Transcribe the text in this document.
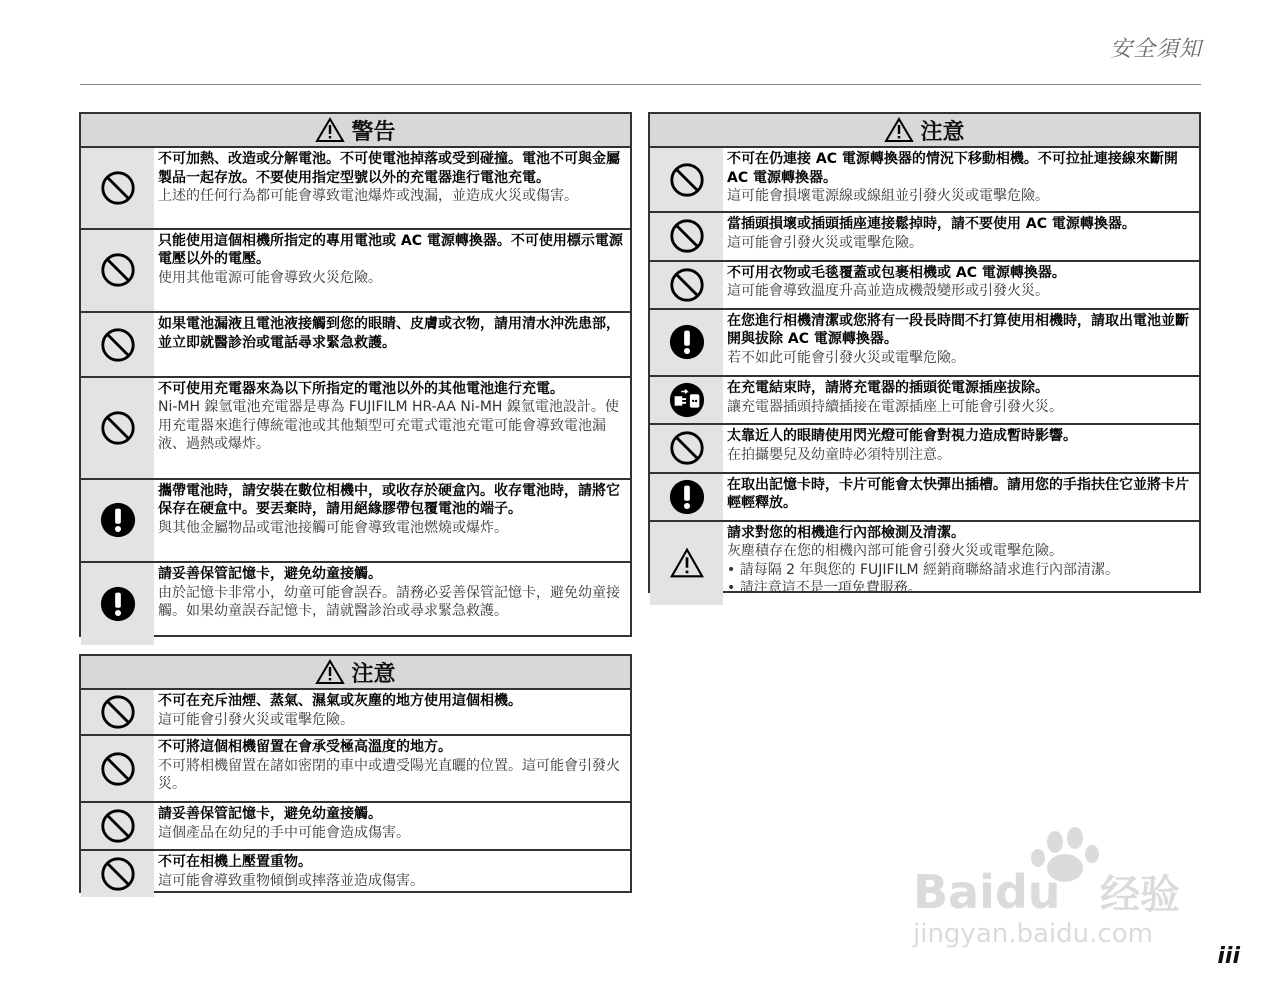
安全須知
警告
不可加熱、改造或分解電池。不可使電池掉落或受到碰撞。電池不可與金屬製品一起存放。不要使用指定型號以外的充電器進行電池充電。
上述的任何行為都可能會導致電池爆炸或洩漏，並造成火災或傷害。
只能使用這個相機所指定的專用電池或 AC 電源轉換器。不可使用標示電源電壓以外的電壓。
使用其他電源可能會導致火災危險。
如果電池漏液且電池液接觸到您的眼睛、皮膚或衣物，請用清水沖洗患部，並立即就醫診治或電話尋求緊急救護。
不可使用充電器來為以下所指定的電池以外的其他電池進行充電。
Ni-MH 鎳氫電池充電器是專為 FUJIFILM HR-AA Ni-MH 鎳氫電池設計。使用充電器來進行傳統電池或其他類型可充電式電池充電可能會導致電池漏液、過熱或爆炸。
攜帶電池時，請安裝在數位相機中，或收存於硬盒內。收存電池時，請將它保存在硬盒中。要丟棄時，請用絕緣膠帶包覆電池的端子。
與其他金屬物品或電池接觸可能會導致電池燃燒或爆炸。
請妥善保管記憶卡，避免幼童接觸。
由於記憶卡非常小，幼童可能會誤吞。請務必妥善保管記憶卡，避免幼童接觸。如果幼童誤吞記憶卡，請就醫診治或尋求緊急救護。
注意
不可在充斥油煙、蒸氣、濕氣或灰塵的地方使用這個相機。
這可能會引發火災或電擊危險。
不可將這個相機留置在會承受極高溫度的地方。
不可將相機留置在諸如密閉的車中或遭受陽光直曬的位置。這可能會引發火災。
請妥善保管記憶卡，避免幼童接觸。
這個產品在幼兒的手中可能會造成傷害。
不可在相機上壓置重物。
這可能會導致重物傾倒或摔落並造成傷害。
注意
不可在仍連接 AC 電源轉換器的情況下移動相機。不可拉扯連接線來斷開 AC 電源轉換器。
這可能會損壞電源線或線組並引發火災或電擊危險。
當插頭損壞或插頭插座連接鬆掉時，請不要使用 AC 電源轉換器。
這可能會引發火災或電擊危險。
不可用衣物或毛毯覆蓋或包裹相機或 AC 電源轉換器。
這可能會導致溫度升高並造成機殼變形或引發火災。
在您進行相機清潔或您將有一段長時間不打算使用相機時，請取出電池並斷開與拔除 AC 電源轉換器。
若不如此可能會引發火災或電擊危險。
在充電結束時，請將充電器的插頭從電源插座拔除。
讓充電器插頭持續插接在電源插座上可能會引發火災。
太靠近人的眼睛使用閃光燈可能會對視力造成暫時影響。
在拍攝嬰兒及幼童時必須特別注意。
在取出記憶卡時，卡片可能會太快彈出插槽。請用您的手指扶住它並將卡片輕輕釋放。
請求對您的相機進行內部檢測及清潔。
灰塵積存在您的相機內部可能會引發火災或電擊危險。
• 請每隔 2 年與您的 FUJIFILM 經銷商聯絡請求進行內部清潔。
• 請注意這不是一項免費服務。
Baidu 经验
jingyan.baidu.com
iii
